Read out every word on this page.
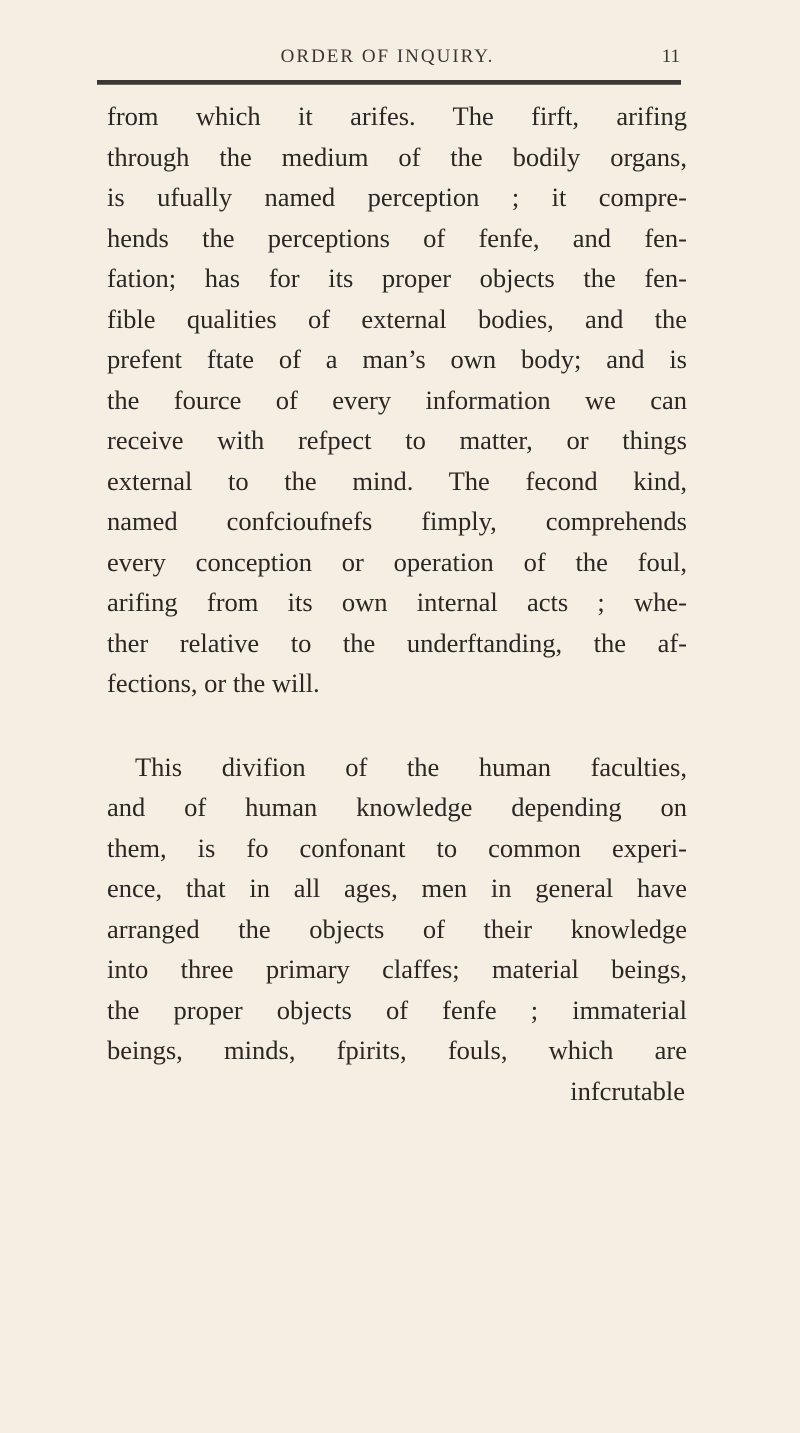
ORDER OF INQUIRY.	11
from which it arifes. The firft, arifing
through the medium of the bodily organs,
is ufually named perception ; it compre-
hends the perceptions of fenfe, and fen-
fation; has for its proper objects the fen-
fible qualities of external bodies, and the
prefent ftate of a man’s own body; and is
the fource of every information we can
receive with refpect to matter, or things
external to the mind. The fecond kind,
named confcioufnefs fimply, comprehends
every conception or operation of the foul,
arifing from its own internal acts ; whe-
ther relative to the underftanding, the af-
fections, or the will.
This divifion of the human faculties,
and of human knowledge depending on
them, is fo confonant to common experi-
ence, that in all ages, men in general have
arranged the objects of their knowledge
into three primary claffes; material beings,
the proper objects of fenfe ; immaterial
beings, minds, fpirits, fouls, which are
infcrutable
